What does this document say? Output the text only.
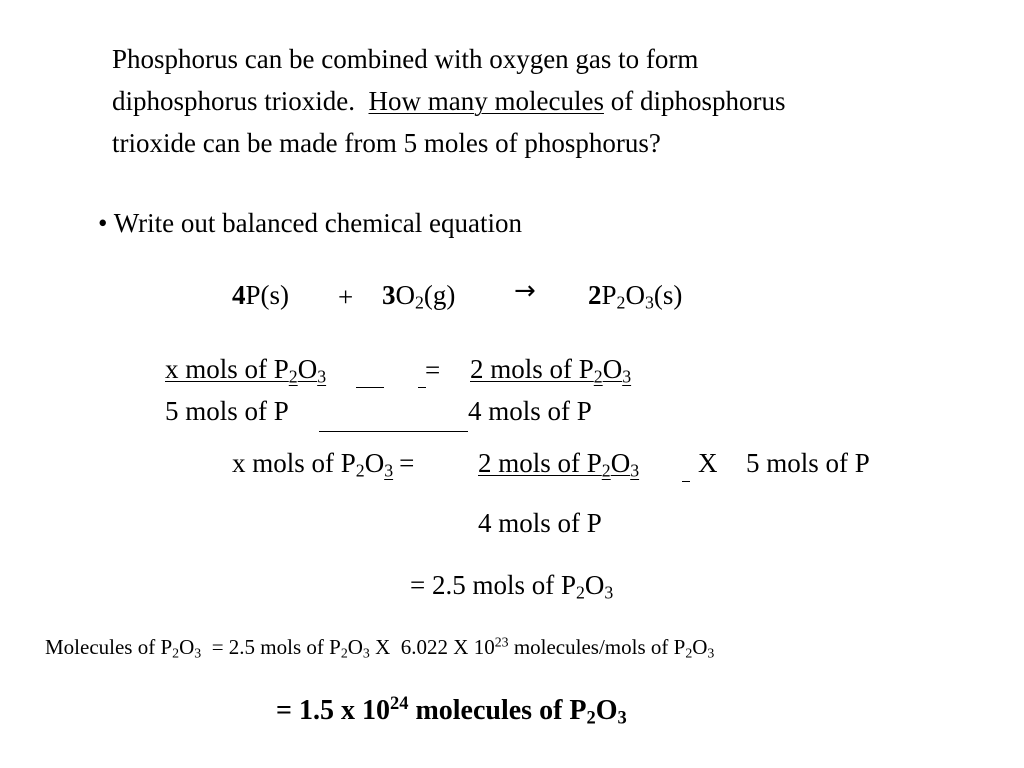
Phosphorus can be combined with oxygen gas to form
diphosphorus trioxide.  How many molecules of diphosphorus
trioxide can be made from 5 moles of phosphorus?
• Write out balanced chemical equation
$4P(s) + 3O_2(g) \to 2P_2O_3(s)$
x mols of $P_2O_3$	= 2 mols of $P_2O_3$
5 mols of P	4 mols of P
x mols of $P_2O_3 = 2$ mols of $P_2O_3$ X 5 mols of P
4 mols of P
= 2.5 mols of $P_2O_3$
Molecules of $P_2O_3 = 2.5$ mols of $P_2O_3$ X  6.022 X $10^{23}$ molecules/mols of $P_2O_3$
= 1.5 x $10^{24}$ molecules of $P_2O_3$
